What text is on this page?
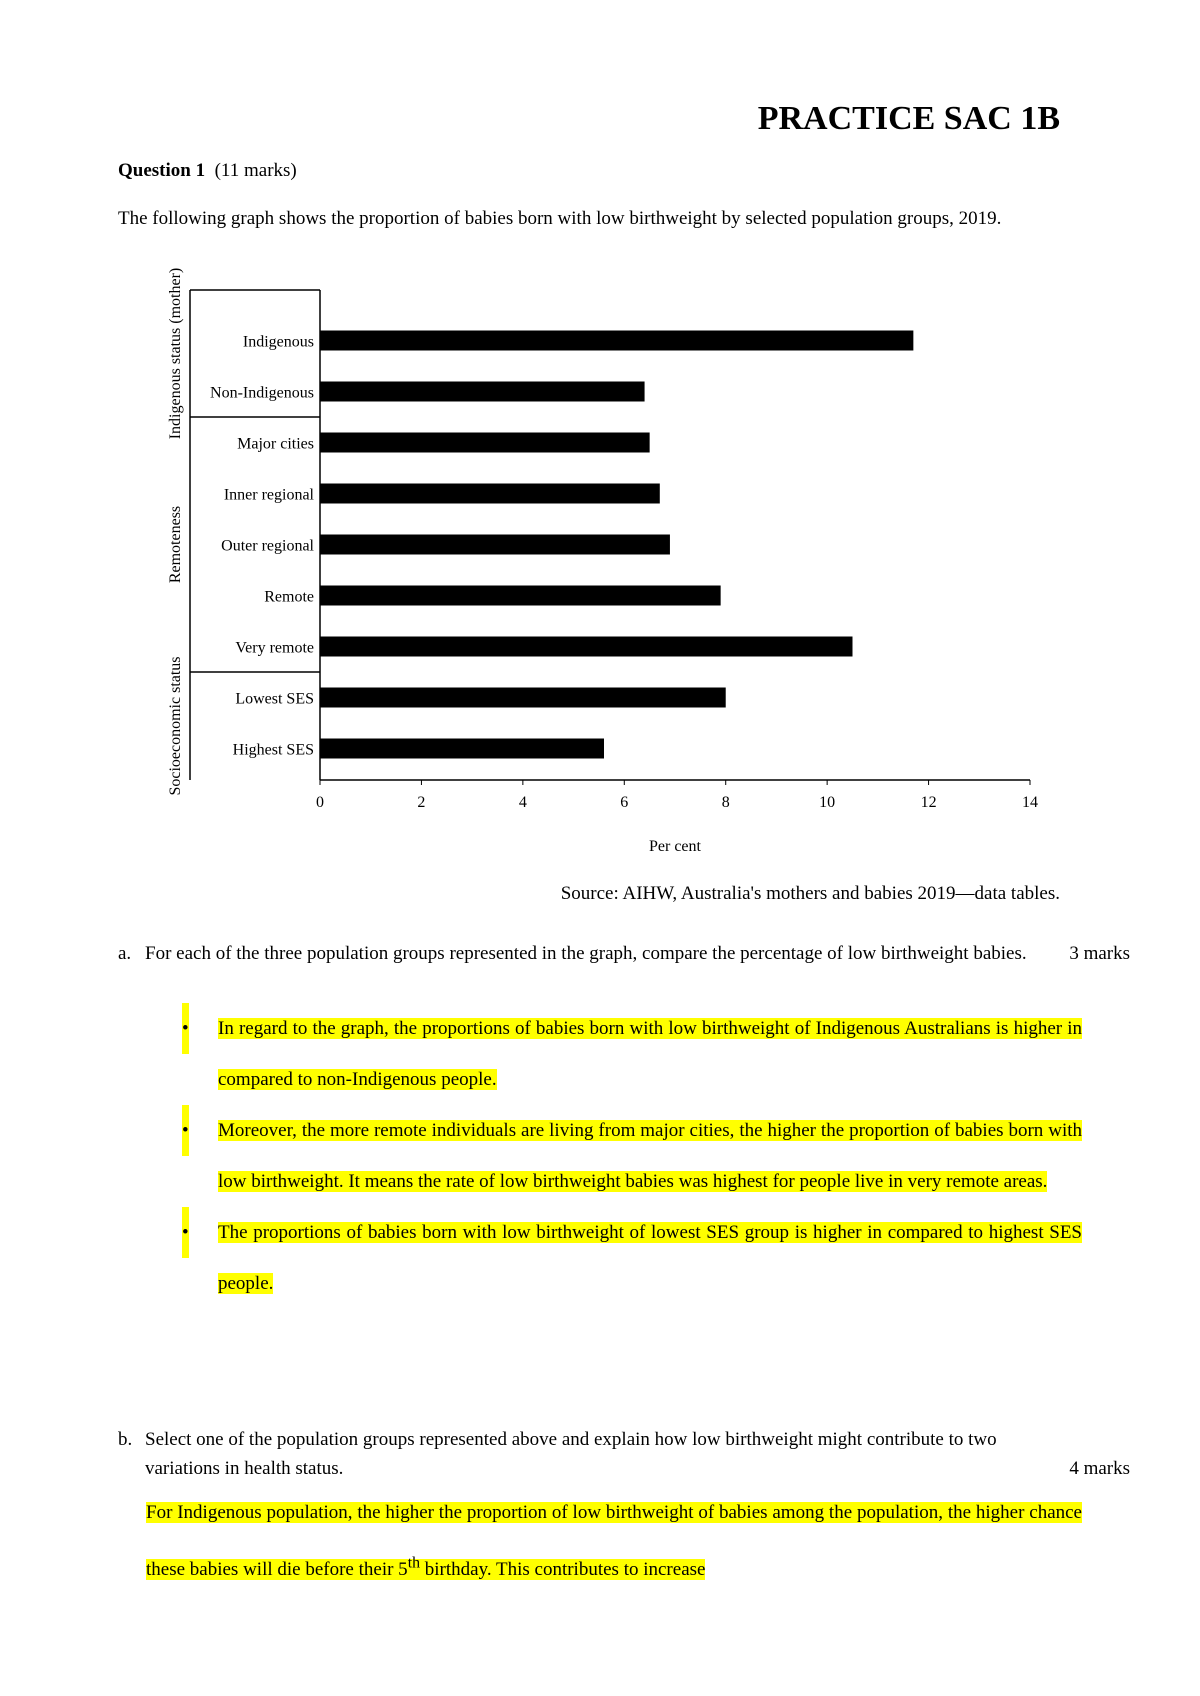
PRACTICE SAC 1B

Question 1 (11 marks)

The following graph shows the proportion of babies born with low birthweight by selected population groups, 2019.

Indigenous status (mother)
Remoteness
Socioeconomic status
Indigenous
Non-Indigenous
Major cities
Inner regional
Outer regional
Remote
Very remote
Lowest SES
Highest SES
0	2	4	6	8	10	12	14
Per cent

Source: AIHW, Australia's mothers and babies 2019—data tables.

a. For each of the three population groups represented in the graph, compare the percentage of low birthweight babies.	3 marks
• In regard to the graph, the proportions of babies born with low birthweight of Indigenous Australians is higher in compared to non-Indigenous people.
• Moreover, the more remote individuals are living from major cities, the higher the proportion of babies born with low birthweight. It means the rate of low birthweight babies was highest for people live in very remote areas.
• The proportions of babies born with low birthweight of lowest SES group is higher in compared to highest SES people.
b. Select one of the population groups represented above and explain how low birthweight might contribute to two variations in health status.	4 marks

For Indigenous population, the higher the proportion of low birthweight of babies among the population, the higher chance these babies will die before their 5th birthday. This contributes to increase
